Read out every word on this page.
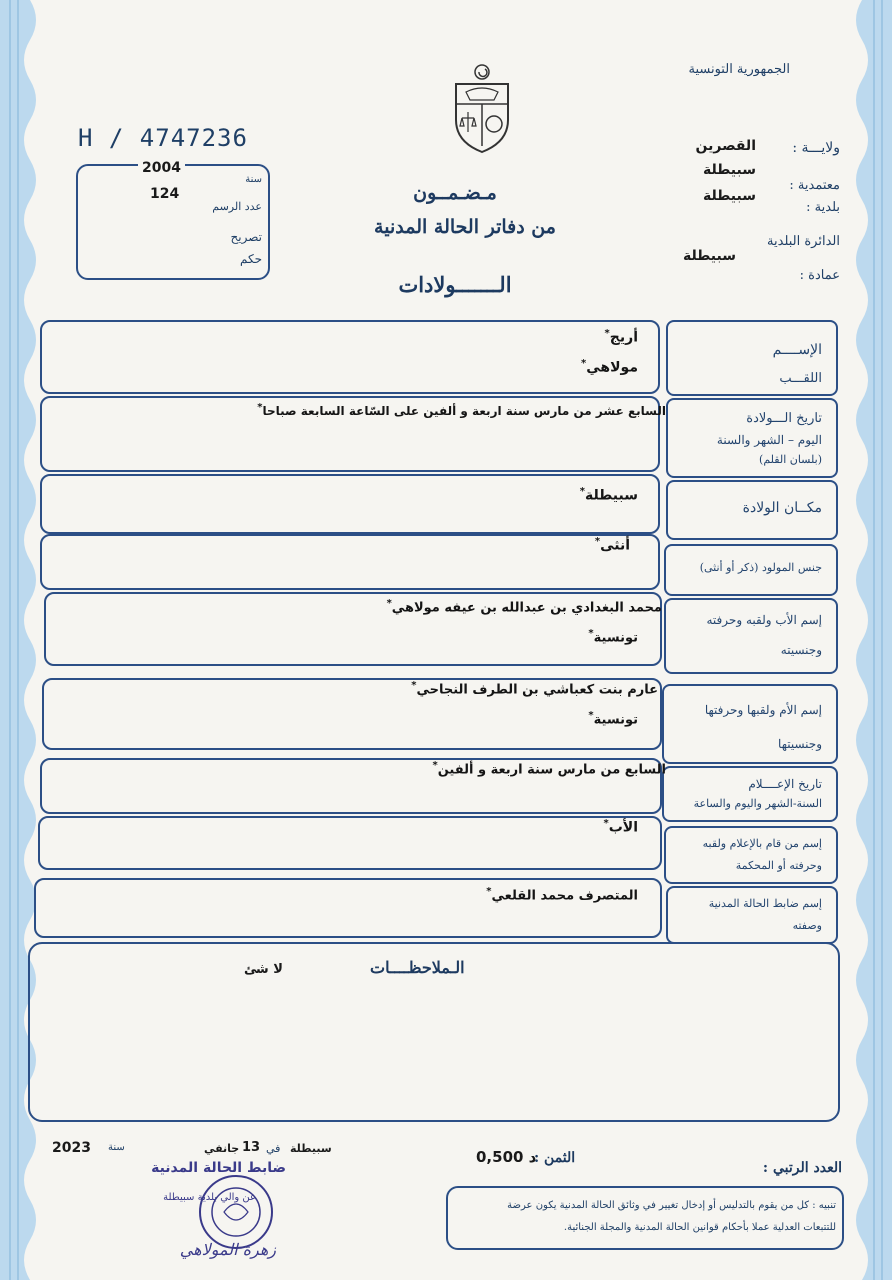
الجمهورية التونسية
H / 4747236
2004
124
سنة
عدد الرسم
تصريح
حكم
ولايـــة :
القصرين
معتمدية :
سبيطلة
بلدية :
سبيطلة
الدائرة البلدية
سبيطلة
عمادة :
مـضـمــون
من دفاتر الحالة المدنية
الـــــــولادات
الإســــم
اللقـــب
أريج*
مولاهي*
تاريخ الـــولادة
اليوم – الشهر والسنة
(بلسان القلم)
السابع عشر من مارس سنة اربعة و ألفين على السّاعة السابعة صباحا*
مكــان الولادة
سبيطلة*
جنس المولود (ذكر أو أنثى)
أنثى*
إسم الأب ولقبه وحرفته
وجنسيته
محمد البغدادي بن عبدالله بن عيفه مولاهي*
تونسية*
إسم الأم ولقبها وحرفتها
وجنسيتها
عارم بنت كعباشي بن الطرف النجاحي*
تونسية*
تاريخ الإعــــلام
السنة-الشهر واليوم والساعة
السابع من مارس سنة اربعة و ألفين*
إسم من قام بالإعلام ولقبه
وحرفته أو المحكمة
الأب*
إسم ضابط الحالة المدنية
وصفته
المتصرف محمد القلعي*
الـملاحظــــات
لا شئ
سبيطلة
في
13
جانفي
سنة
2023
الثمن :
0,500 د
العدد الرتبي :
تنبيه : كل من يقوم بالتدليس أو إدخال تغيير في وثائق الحالة المدنية يكون عرضة
للتتبعات العدلية عملا بأحكام قوانين الحالة المدنية والمجلة الجنائية.
ضابط الحالة المدنية
عن والي بلدية سبيطلة
زهرة المولاهي
